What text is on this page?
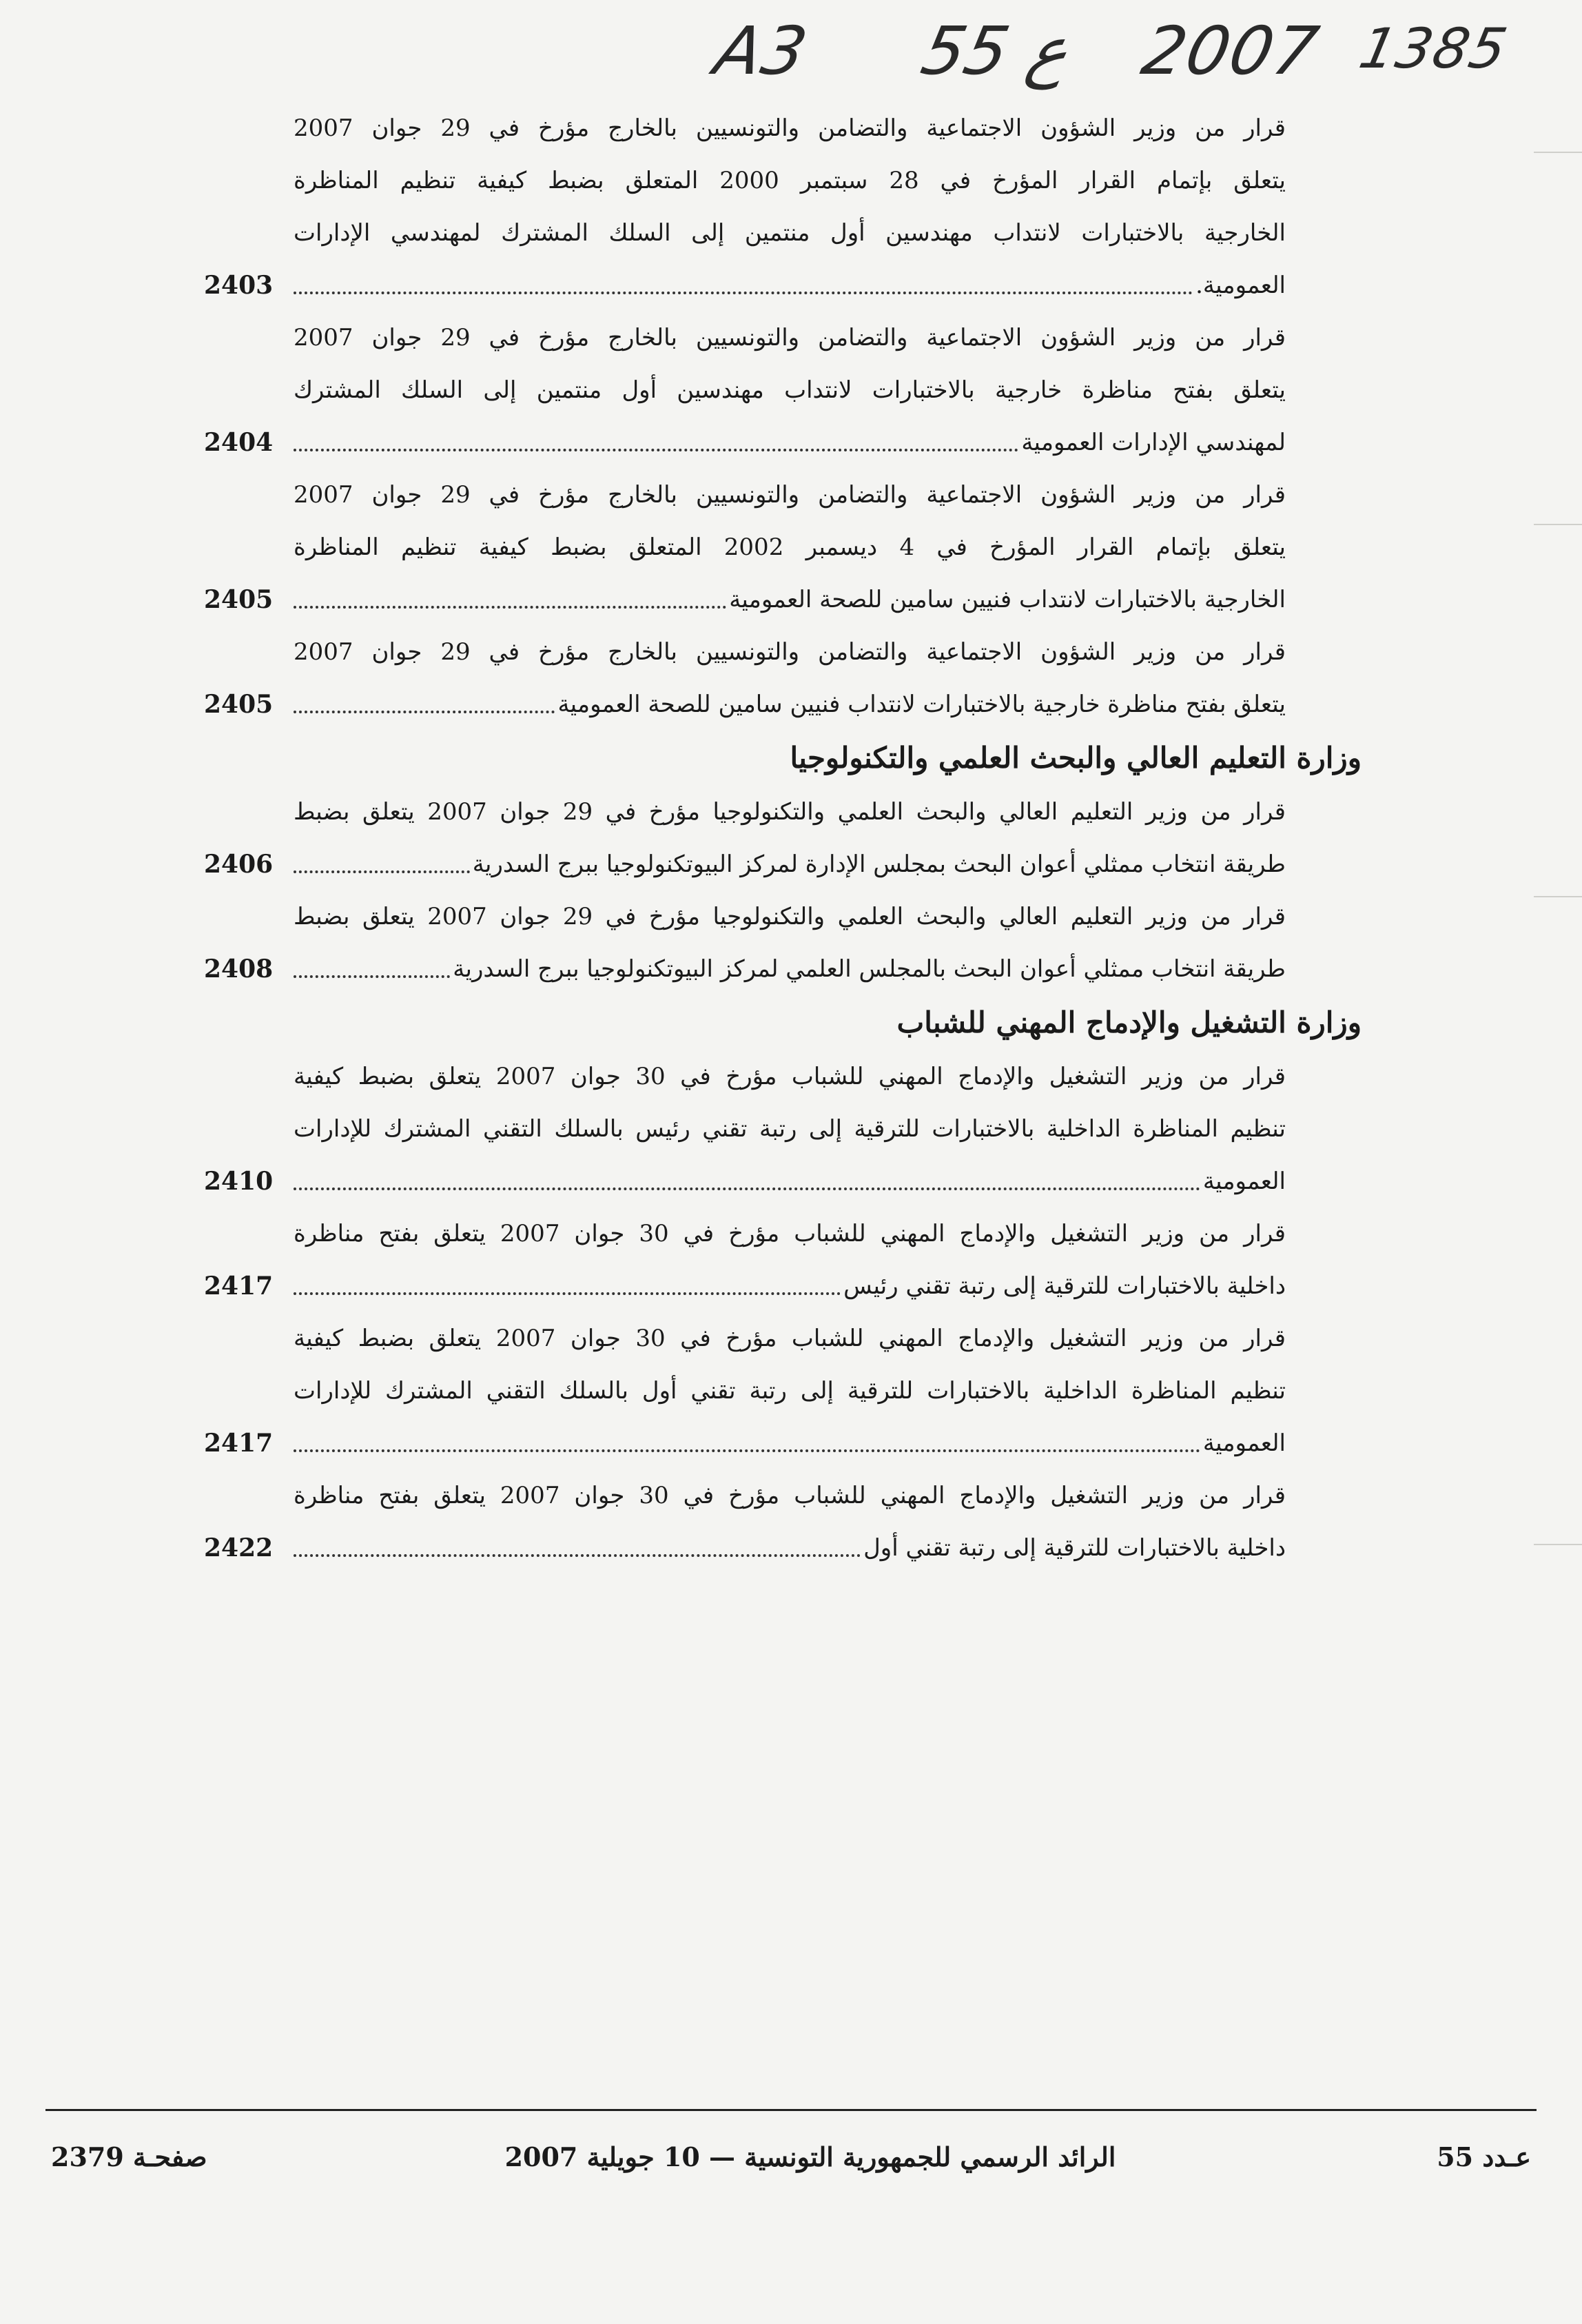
A3 55 ع 2007 1385
قرار من وزير الشؤون الاجتماعية والتضامن والتونسيين بالخارج مؤرخ في 29 جوان 2007
يتعلق بإتمام القرار المؤرخ في 28 سبتمبر 2000 المتعلق بضبط كيفية تنظيم المناظرة
الخارجية بالاختبارات لانتداب مهندسين أول منتمين إلى السلك المشترك لمهندسي الإدارات
العمومية.
2403
قرار من وزير الشؤون الاجتماعية والتضامن والتونسيين بالخارج مؤرخ في 29 جوان 2007
يتعلق بفتح مناظرة خارجية بالاختبارات لانتداب مهندسين أول منتمين إلى السلك المشترك
لمهندسي الإدارات العمومية
2404
قرار من وزير الشؤون الاجتماعية والتضامن والتونسيين بالخارج مؤرخ في 29 جوان 2007
يتعلق بإتمام القرار المؤرخ في 4 ديسمبر 2002 المتعلق بضبط كيفية تنظيم المناظرة
الخارجية بالاختبارات لانتداب فنيين سامين للصحة العمومية
2405
قرار من وزير الشؤون الاجتماعية والتضامن والتونسيين بالخارج مؤرخ في 29 جوان 2007
يتعلق بفتح مناظرة خارجية بالاختبارات لانتداب فنيين سامين للصحة العمومية
2405
وزارة التعليم العالي والبحث العلمي والتكنولوجيا
قرار من وزير التعليم العالي والبحث العلمي والتكنولوجيا مؤرخ في 29 جوان 2007 يتعلق بضبط
طريقة انتخاب ممثلي أعوان البحث بمجلس الإدارة لمركز البيوتكنولوجيا ببرج السدرية
2406
قرار من وزير التعليم العالي والبحث العلمي والتكنولوجيا مؤرخ في 29 جوان 2007 يتعلق بضبط
طريقة انتخاب ممثلي أعوان البحث بالمجلس العلمي لمركز البيوتكنولوجيا ببرج السدرية
2408
وزارة التشغيل والإدماج المهني للشباب
قرار من وزير التشغيل والإدماج المهني للشباب مؤرخ في 30 جوان 2007 يتعلق بضبط كيفية
تنظيم المناظرة الداخلية بالاختبارات للترقية إلى رتبة تقني رئيس بالسلك التقني المشترك للإدارات
العمومية
2410
قرار من وزير التشغيل والإدماج المهني للشباب مؤرخ في 30 جوان 2007 يتعلق بفتح مناظرة
داخلية بالاختبارات للترقية إلى رتبة تقني رئيس
2417
قرار من وزير التشغيل والإدماج المهني للشباب مؤرخ في 30 جوان 2007 يتعلق بضبط كيفية
تنظيم المناظرة الداخلية بالاختبارات للترقية إلى رتبة تقني أول بالسلك التقني المشترك للإدارات
العمومية
2417
قرار من وزير التشغيل والإدماج المهني للشباب مؤرخ في 30 جوان 2007 يتعلق بفتح مناظرة
داخلية بالاختبارات للترقية إلى رتبة تقني أول
2422
صفحـة 2379	الرائد الرسمي للجمهورية التونسية — 10 جويلية 2007	عـدد 55
